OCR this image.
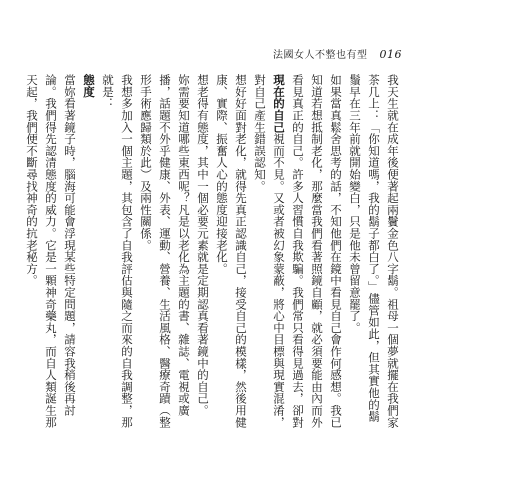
法國女人不整也有型 016

我天生就在成年後便著起兩鬢金色八字鬍。祖母一個夢就擺在我們家茶几上：「你知道嗎，我的鬍子都白了。」儘管如此，但其實他的鬍鬚早在三年前就開始變白，只是他未曾留意罷了。

如果當真鬆舍思考的話，不知他們在鏡中看見自己會作何感想。我已知道若想抵制老化，那麼當我們看著照鏡自顧，就必須要能由內而外看見真正的自己。許多人習慣自我欺騙。我們常只看得見過去，卻對現在的自己視而不見。又或者被幻象蒙蔽，將心中目標與現實混淆，對自己產生錯誤認知。

想好好面對老化，就得先真正認識自己，接受自己的模樣，然後用健康、實際、振奮人心的態度迎接老化。

想老得有態度，其中一個必要元素就是定期認真看著鏡中的自己。

妳需要知道哪些東西呢？凡是以老化為主題的書、雜誌、電視或廣播，話題不外乎健康、外表、運動、營養、生活風格、醫療奇蹟（整形手術應歸類於此）及兩性關係。

我想多加入一個主題，其包含了自我評估與隨之而來的自我調整，那就是：

態度

當妳看著鏡子時，腦海可能會浮現某些特定問題，請容我稍後再討論。我們得先認清態度的威力。它是一顆神奇藥丸，而自人類誕生那天起，我們便不斷尋找神奇的抗老秘方。
